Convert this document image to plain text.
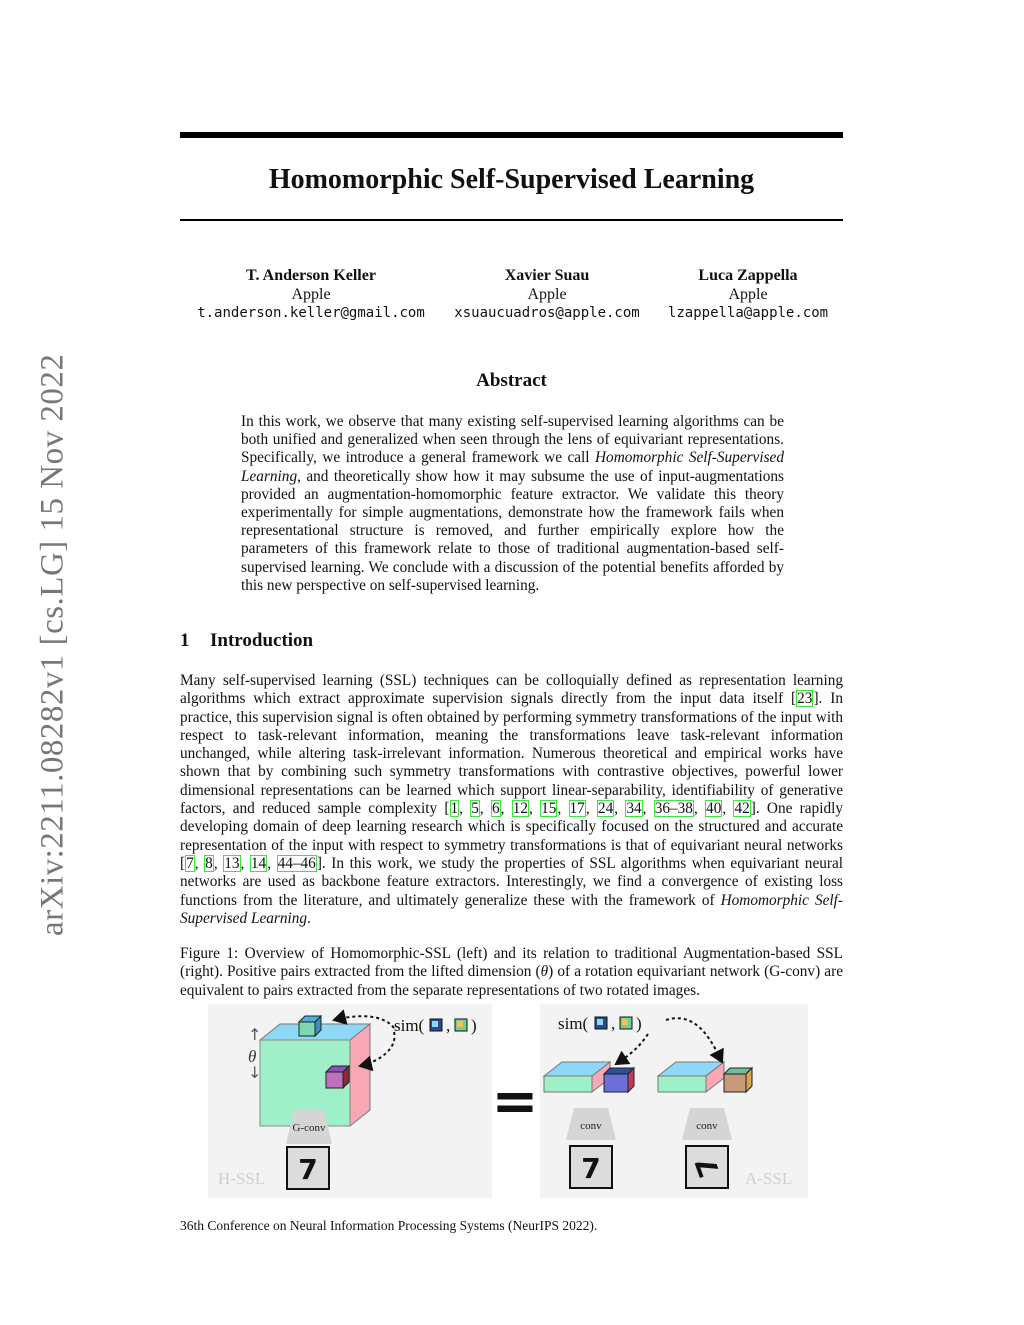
Homomorphic Self-Supervised Learning
arXiv:2211.08282v1 [cs.LG] 15 Nov 2022
T. Anderson Keller
Apple
t.anderson.keller@gmail.com
Xavier Suau
Apple
xsuaucuadros@apple.com
Luca Zappella
Apple
lzappella@apple.com
Abstract
In this work, we observe that many existing self-supervised learning algorithms can be both unified and generalized when seen through the lens of equivariant representations. Specifically, we introduce a general framework we call Homomorphic Self-Supervised Learning, and theoretically show how it may subsume the use of input-augmentations provided an augmentation-homomorphic feature extractor. We validate this theory experimentally for simple augmentations, demonstrate how the framework fails when representational structure is removed, and further empirically explore how the parameters of this framework relate to those of traditional augmentation-based self-supervised learning. We conclude with a discussion of the potential benefits afforded by this new perspective on self-supervised learning.
1 Introduction
Many self-supervised learning (SSL) techniques can be colloquially defined as representation learning algorithms which extract approximate supervision signals directly from the input data itself [23]. In practice, this supervision signal is often obtained by performing symmetry transformations of the input with respect to task-relevant information, meaning the transformations leave task-relevant information unchanged, while altering task-irrelevant information. Numerous theoretical and empirical works have shown that by combining such symmetry transformations with contrastive objectives, powerful lower dimensional representations can be learned which support linear-separability, identifiability of generative factors, and reduced sample complexity [1, 5, 6, 12, 15, 17, 24, 34, 36–38, 40, 42]. One rapidly developing domain of deep learning research which is specifically focused on the structured and accurate representation of the input with respect to symmetry transformations is that of equivariant neural networks [7, 8, 13, 14, 44–46]. In this work, we study the properties of SSL algorithms when equivariant neural networks are used as backbone feature extractors. Interestingly, we find a convergence of existing loss functions from the literature, and ultimately generalize these with the framework of Homomorphic Self-Supervised Learning.
Figure 1: Overview of Homomorphic-SSL (left) and its relation to traditional Augmentation-based SSL (right). Positive pairs extracted from the lifted dimension (θ) of a rotation equivariant network (G-conv) are equivalent to pairs extracted from the separate representations of two rotated images.
↑
θ
↓
sim( , )
G-conv
7
H-SSL
=
sim( , )
conv	conv
7	7 A-SSL
36th Conference on Neural Information Processing Systems (NeurIPS 2022).
